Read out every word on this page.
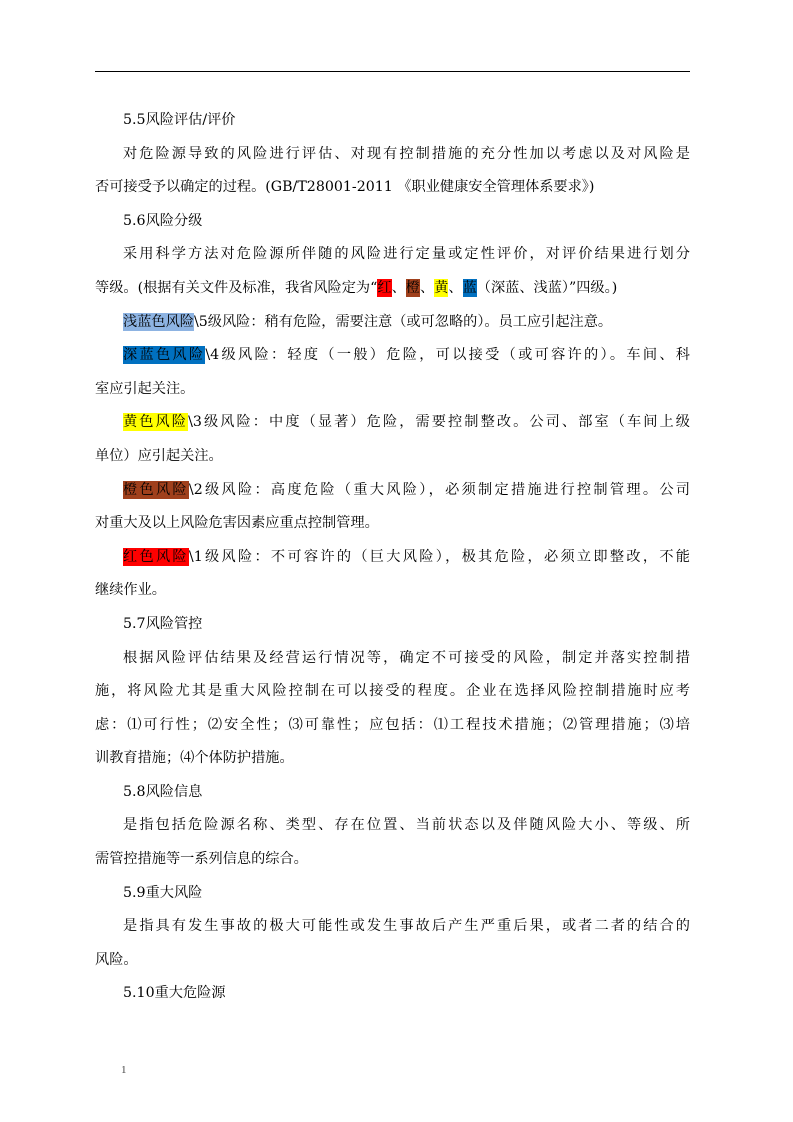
5.5风险评估/评价
对危险源导致的风险进行评估、对现有控制措施的充分性加以考虑以及对风险是
否可接受予以确定的过程。(GB/T28001-2011 《职业健康安全管理体系要求》)
5.6风险分级
采用科学方法对危险源所伴随的风险进行定量或定性评价，对评价结果进行划分
等级。(根据有关文件及标准，我省风险定为“红、橙、黄、蓝（深蓝、浅蓝）”四级。)
浅蓝色风险\5级风险：稍有危险，需要注意（或可忽略的）。员工应引起注意。
深蓝色风险\4级风险：轻度（一般）危险，可以接受（或可容许的）。车间、科
室应引起关注。
黄色风险\3级风险：中度（显著）危险，需要控制整改。公司、部室（车间上级
单位）应引起关注。
橙色风险\2级风险：高度危险（重大风险），必须制定措施进行控制管理。公司
对重大及以上风险危害因素应重点控制管理。
红色风险\1级风险：不可容许的（巨大风险），极其危险，必须立即整改，不能
继续作业。
5.7风险管控
根据风险评估结果及经营运行情况等，确定不可接受的风险，制定并落实控制措
施，将风险尤其是重大风险控制在可以接受的程度。企业在选择风险控制措施时应考
虑：⑴可行性；⑵安全性；⑶可靠性；应包括：⑴工程技术措施；⑵管理措施；⑶培
训教育措施；⑷个体防护措施。
5.8风险信息
是指包括危险源名称、类型、存在位置、当前状态以及伴随风险大小、等级、所
需管控措施等一系列信息的综合。
5.9重大风险
是指具有发生事故的极大可能性或发生事故后产生严重后果，或者二者的结合的
风险。
5.10重大危险源
1
